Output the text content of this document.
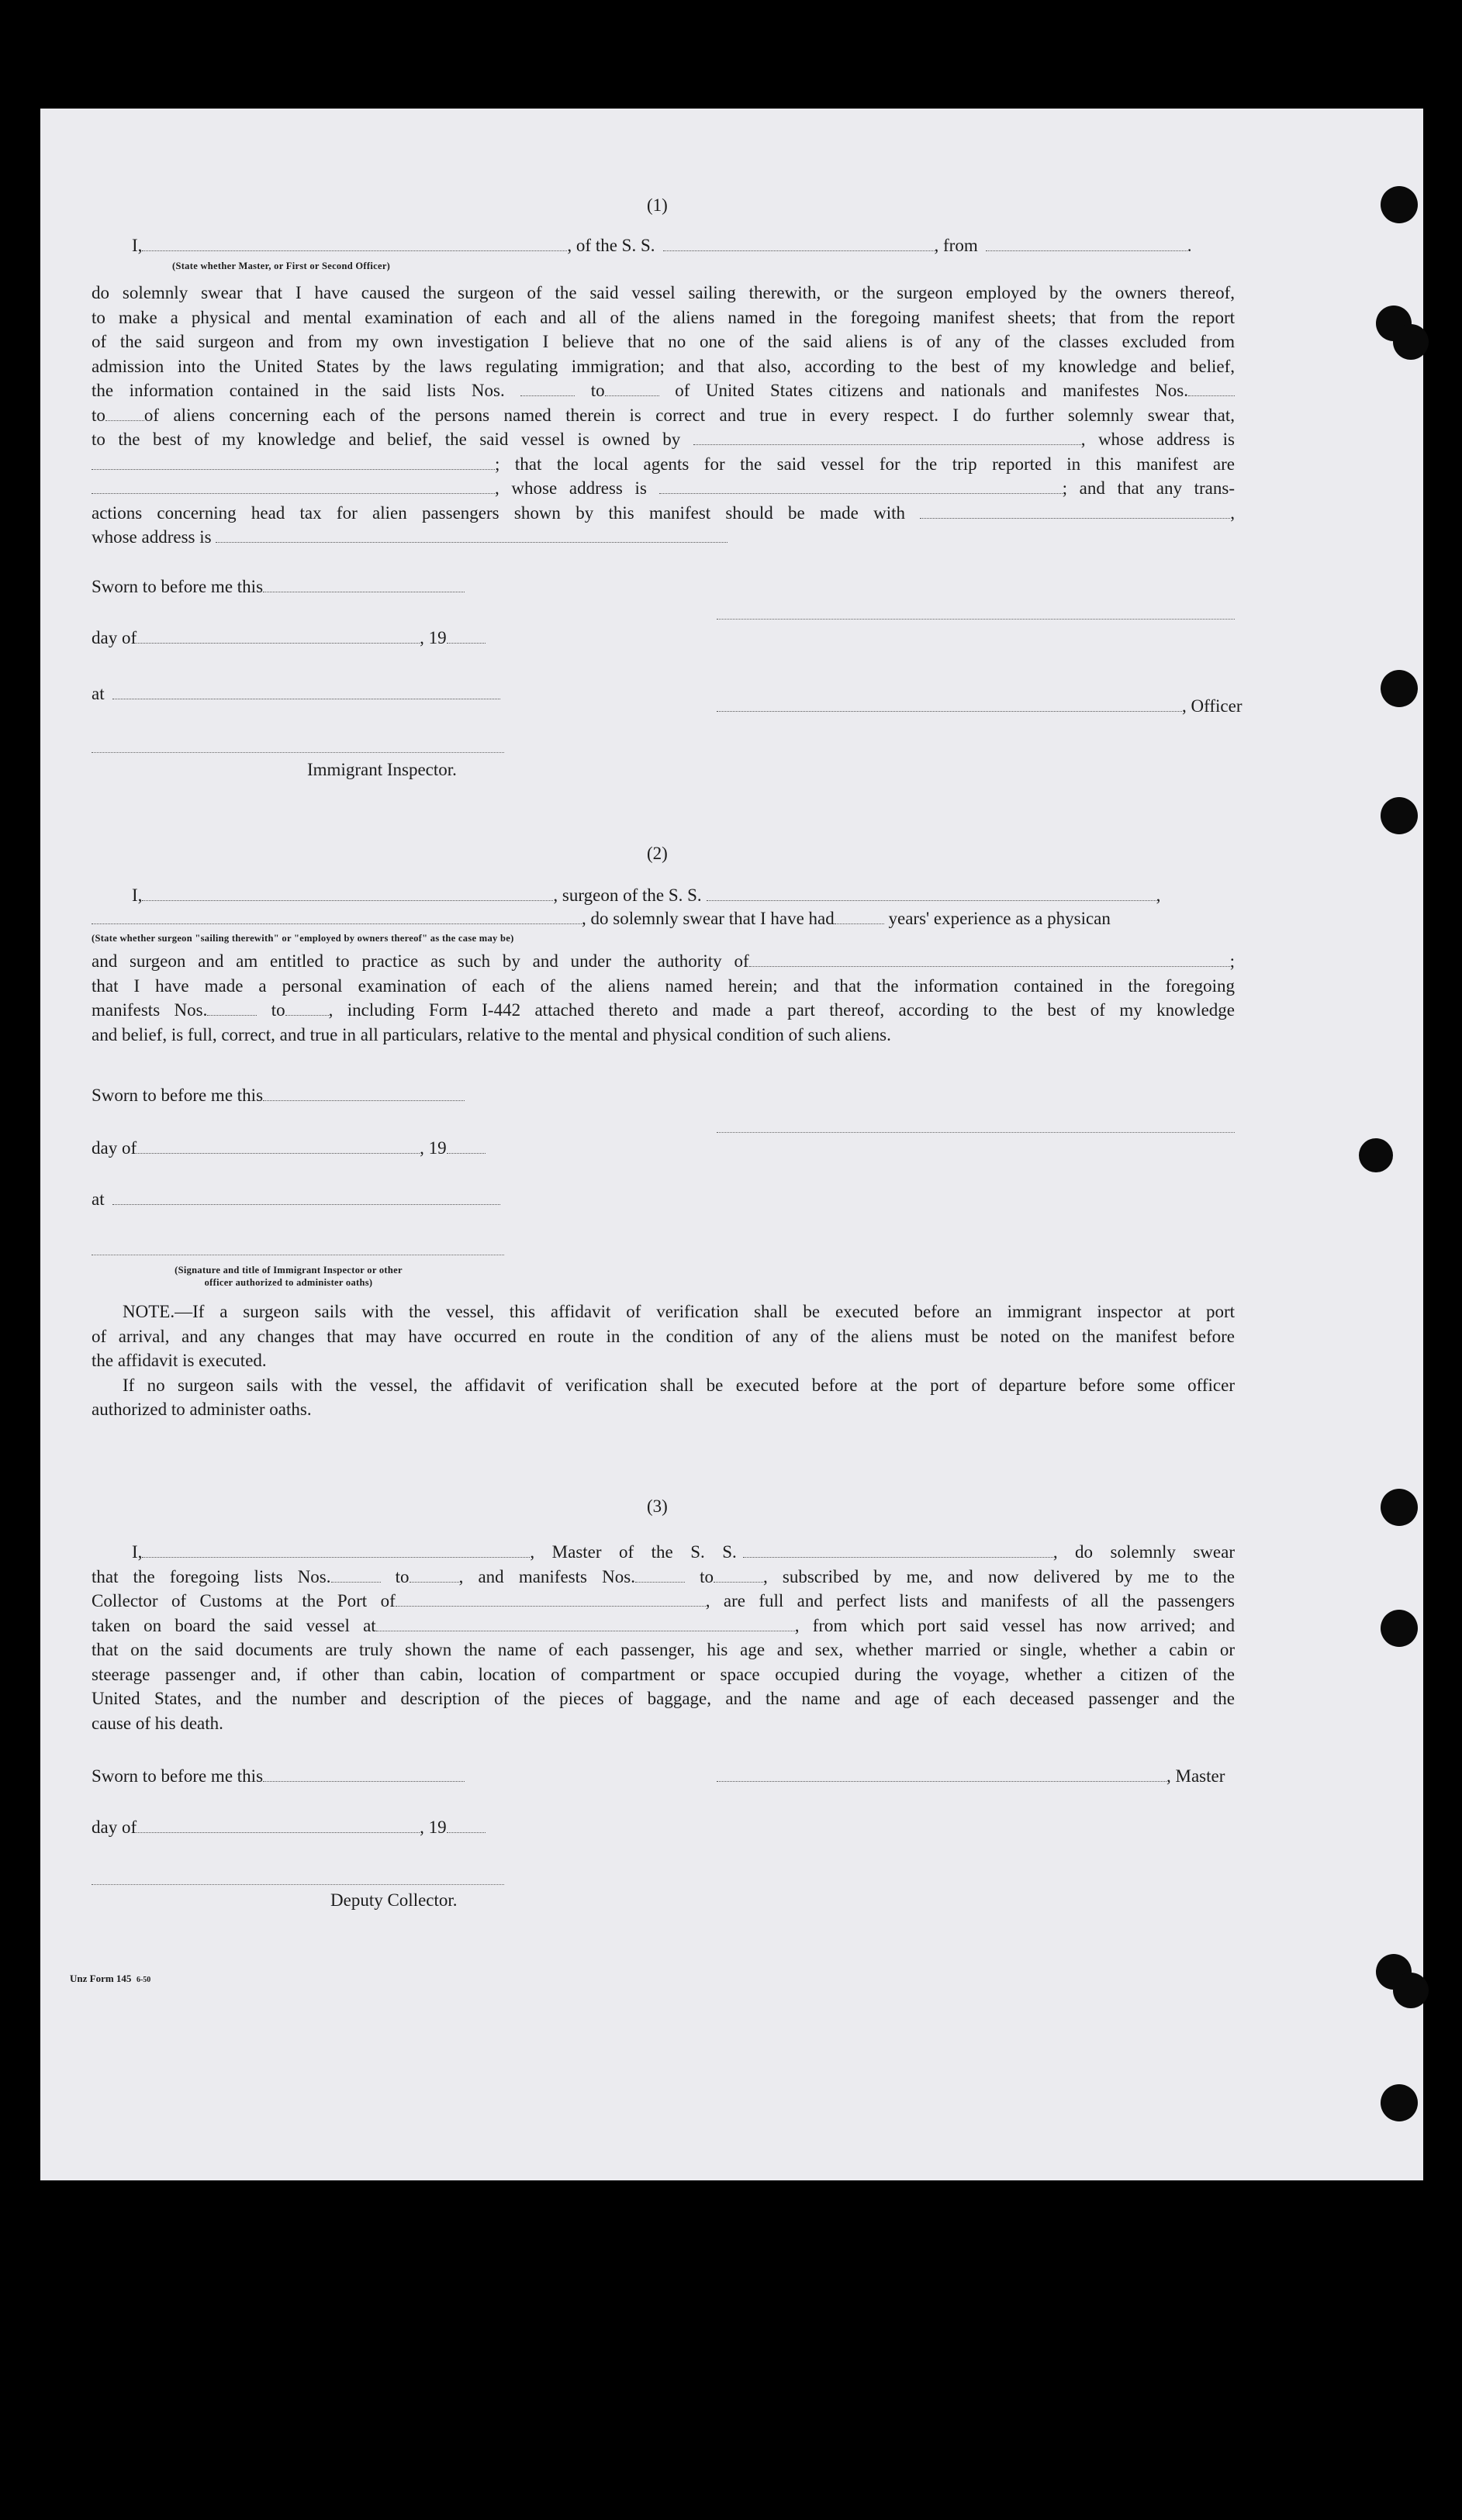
(1)
I,	, of the S. S.	, from	.
(State whether Master, or First or Second Officer)
do solemnly swear that I have caused the surgeon of the said vessel sailing therewith, or the surgeon employed by the owners thereof,
to make a physical and mental examination of each and all of the aliens named in the foregoing manifest sheets; that from the report
of the said surgeon and from my own investigation I believe that no one of the said aliens is of any of the classes excluded from
admission into the United States by the laws regulating immigration; and that also, according to the best of my knowledge and belief,
the information contained in the said lists Nos.	to	of United States citizens and nationals and manifestes Nos.
to of aliens concerning each of the persons named therein is correct and true in every respect. I do further solemnly swear that,
to the best of my knowledge and belief, the said vessel is owned by	, whose address is
; that the local agents for the said vessel for the trip reported in this manifest are
, whose address is	; and that any trans-
actions concerning head tax for alien passengers shown by this manifest should be made with	,
whose address is
Sworn to before me this
day of	, 19
at
, Officer
Immigrant Inspector.
(2)
I,	, surgeon of the S. S.	,
, do solemnly swear that I have had	years' experience as a physican
(State whether surgeon "sailing therewith" or "employed by owners thereof" as the case may be)
and surgeon and am entitled to practice as such by and under the authority of	;
that I have made a personal examination of each of the aliens named herein; and that the information contained in the foregoing
manifests Nos.	to , including Form I-442 attached thereto and made a part thereof, according to the best of my knowledge
and belief, is full, correct, and true in all particulars, relative to the mental and physical condition of such aliens.
Sworn to before me this
day of	, 19
at
(Signature and title of Immigrant Inspector or other
officer authorized to administer oaths)
NOTE.—If a surgeon sails with the vessel, this affidavit of verification shall be executed before an immigrant inspector at port
of arrival, and any changes that may have occurred en route in the condition of any of the aliens must be noted on the manifest before
the affidavit is executed.
If no surgeon sails with the vessel, the affidavit of verification shall be executed before at the port of departure before some officer
authorized to administer oaths.
(3)
I,	, Master of the S. S.	, do solemnly swear
that the foregoing lists Nos.	to	, and manifests Nos.	to	, subscribed by me, and now delivered by me to the
Collector of Customs at the Port of	, are full and perfect lists and manifests of all the passengers
taken on board the said vessel at	, from which port said vessel has now arrived; and
that on the said documents are truly shown the name of each passenger, his age and sex, whether married or single, whether a cabin or
steerage passenger and, if other than cabin, location of compartment or space occupied during the voyage, whether a citizen of the
United States, and the number and description of the pieces of baggage, and the name and age of each deceased passenger and the
cause of his death.
Sworn to before me this	, Master
day of	, 19
Deputy Collector.
Unz Form 145 6-50
